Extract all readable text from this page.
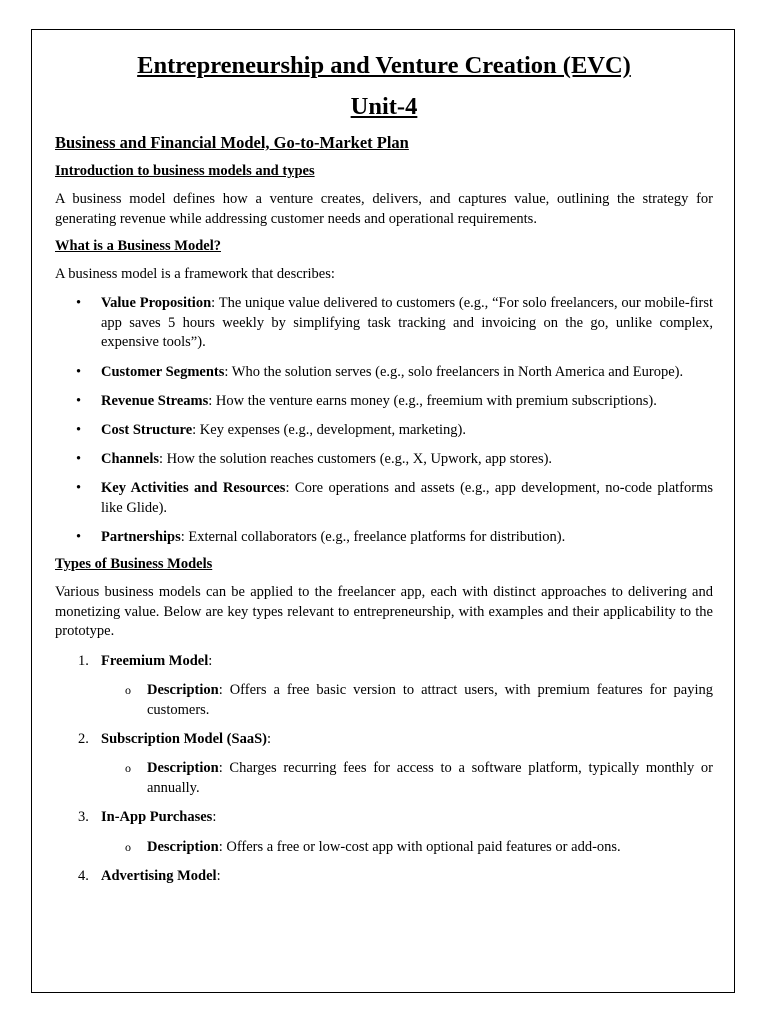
Entrepreneurship and Venture Creation (EVC)
Unit-4
Business and Financial Model, Go-to-Market Plan
Introduction to business models and types

A business model defines how a venture creates, delivers, and captures value, outlining the strategy for generating revenue while addressing customer needs and operational requirements.

What is a Business Model?

A business model is a framework that describes:

• Value Proposition: The unique value delivered to customers (e.g., “For solo freelancers, our mobile-first app saves 5 hours weekly by simplifying task tracking and invoicing on the go, unlike complex, expensive tools”).
• Customer Segments: Who the solution serves (e.g., solo freelancers in North America and Europe).
• Revenue Streams: How the venture earns money (e.g., freemium with premium subscriptions).
• Cost Structure: Key expenses (e.g., development, marketing).
• Channels: How the solution reaches customers (e.g., X, Upwork, app stores).
• Key Activities and Resources: Core operations and assets (e.g., app development, no-code platforms like Glide).
• Partnerships: External collaborators (e.g., freelance platforms for distribution).
Types of Business Models

Various business models can be applied to the freelancer app, each with distinct approaches to delivering and monetizing value. Below are key types relevant to entrepreneurship, with examples and their applicability to the prototype.

1. Freemium Model:
o Description: Offers a free basic version to attract users, with premium features for paying customers.
2. Subscription Model (SaaS):
o Description: Charges recurring fees for access to a software platform, typically monthly or annually.
3. In-App Purchases:
o Description: Offers a free or low-cost app with optional paid features or add-ons.
4. Advertising Model:
